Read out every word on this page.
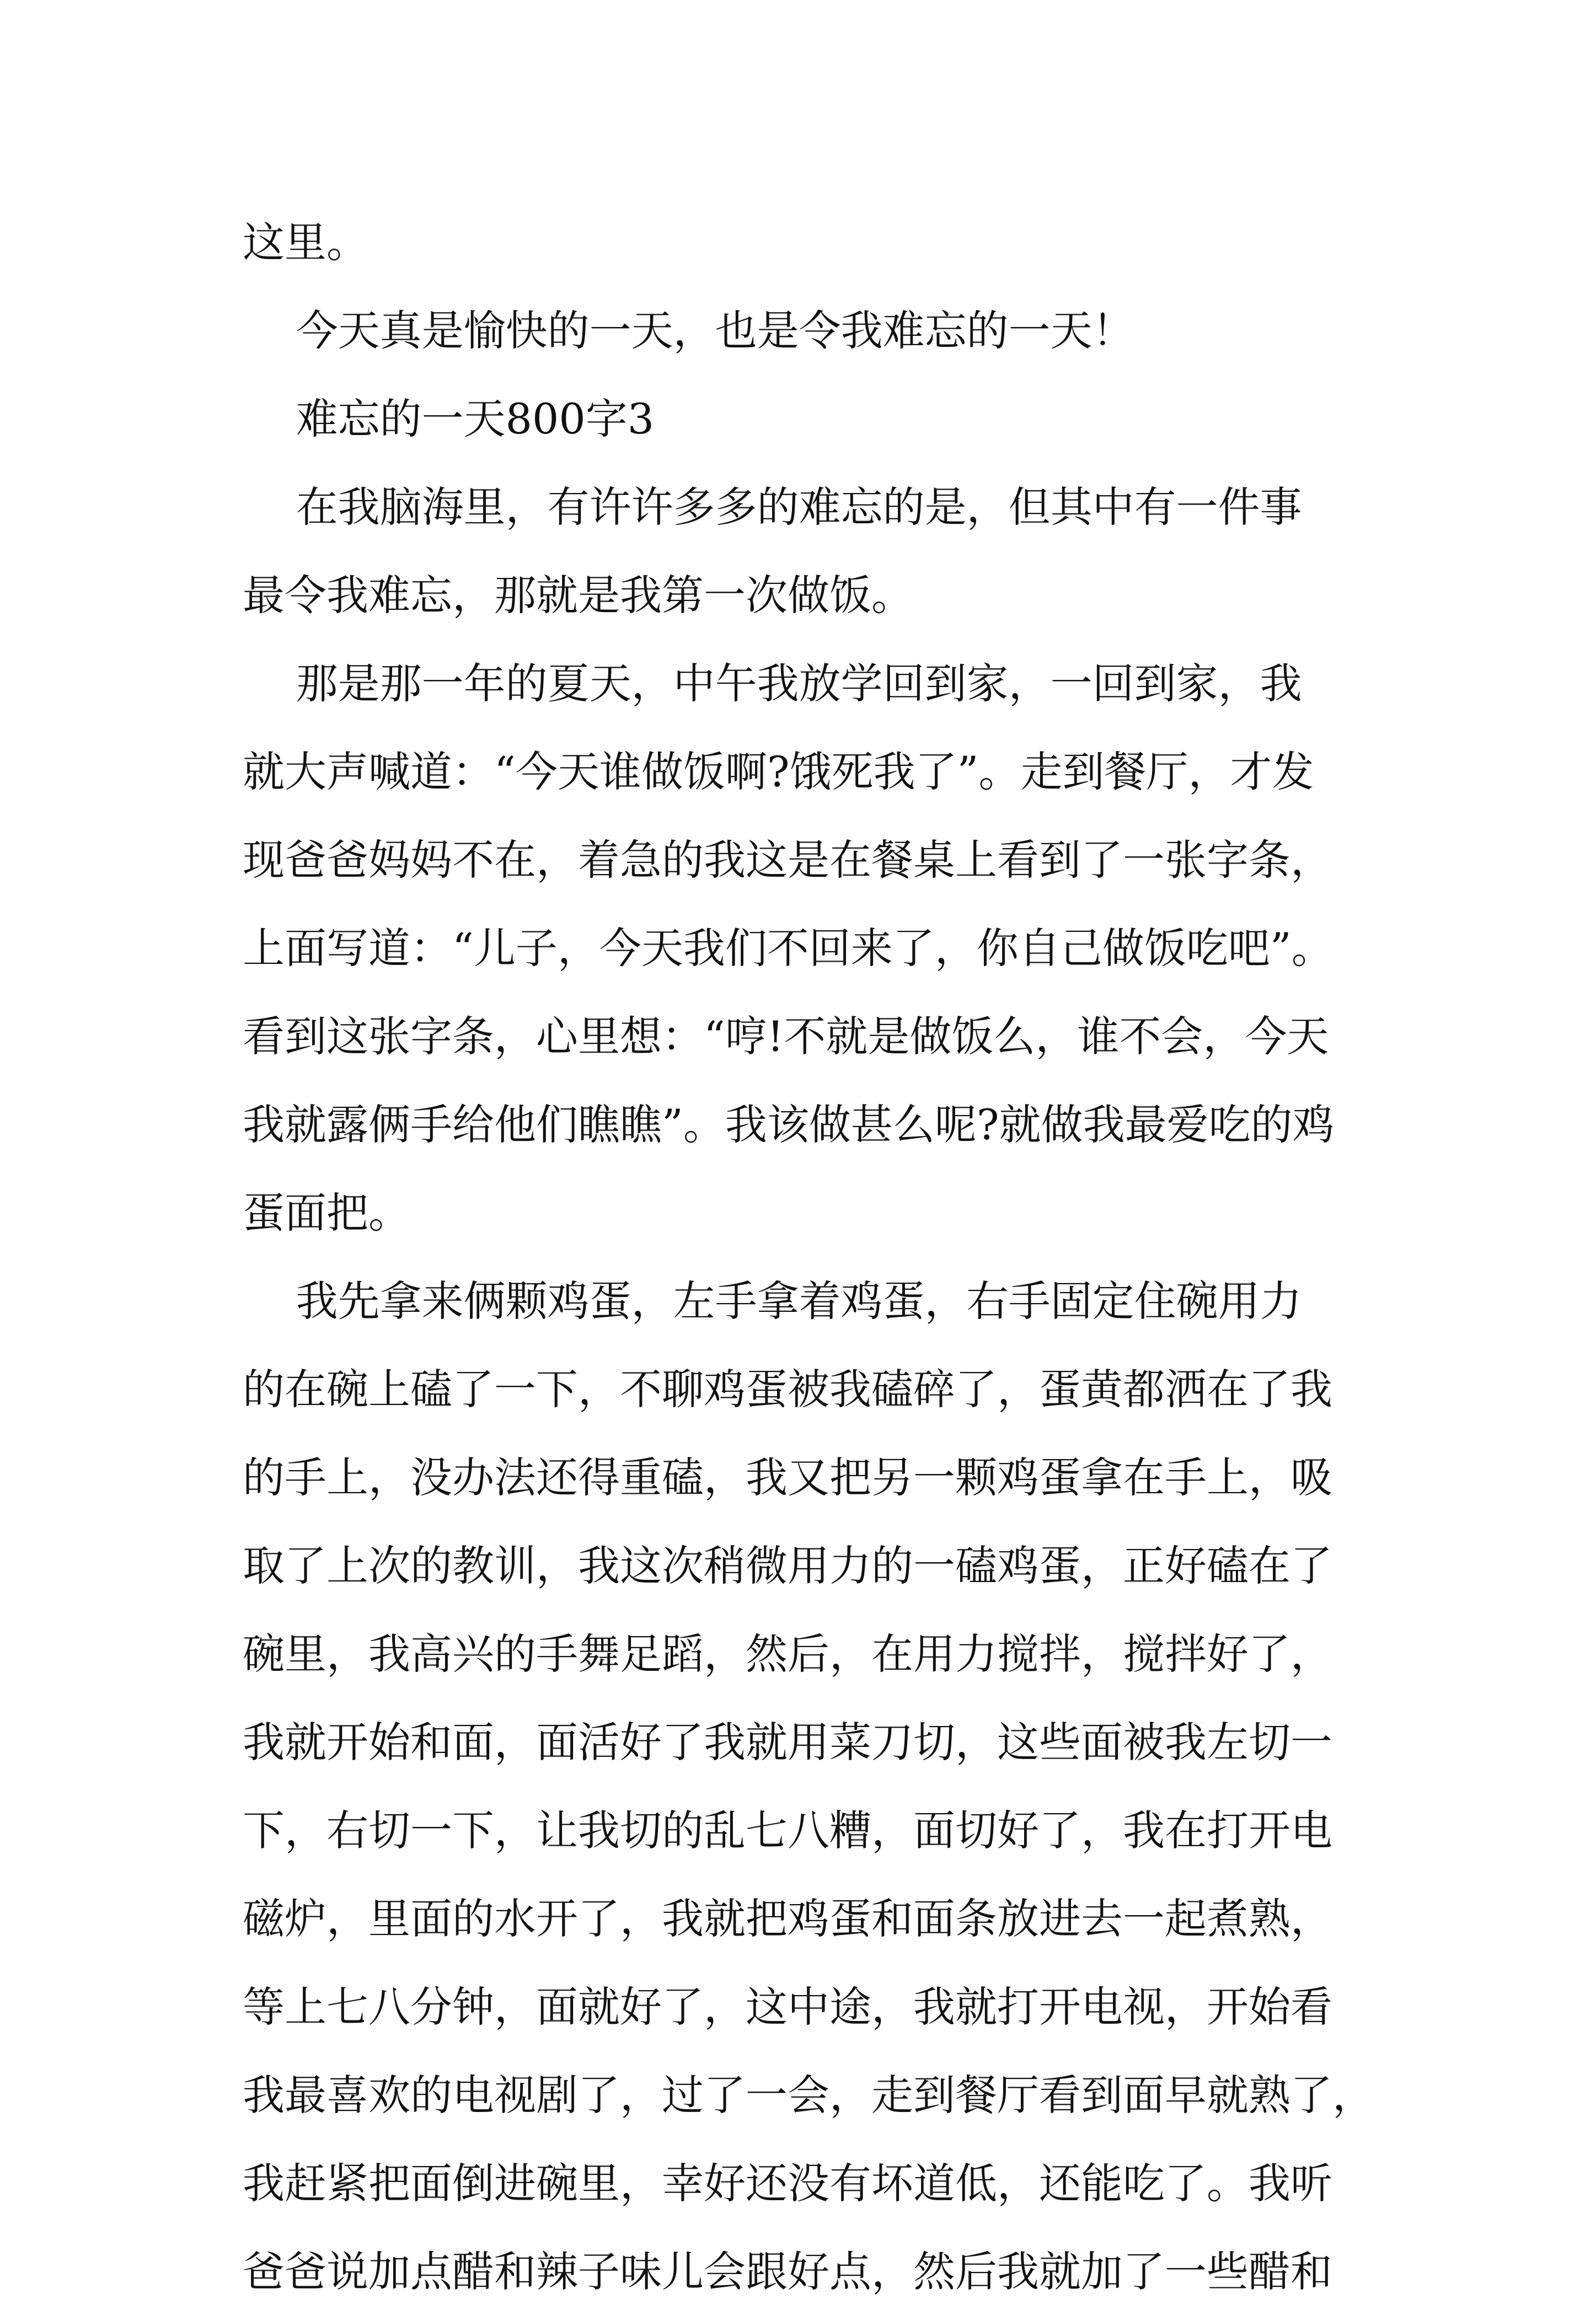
这里。
今天真是愉快的一天，也是令我难忘的一天！
难忘的一天800字3
在我脑海里，有许许多多的难忘的是，但其中有一件事
最令我难忘，那就是我第一次做饭。
那是那一年的夏天，中午我放学回到家，一回到家，我
就大声喊道：“今天谁做饭啊?饿死我了”。走到餐厅，才发
现爸爸妈妈不在，着急的我这是在餐桌上看到了一张字条，
上面写道：“儿子，今天我们不回来了，你自己做饭吃吧”。
看到这张字条，心里想：“哼!不就是做饭么，谁不会，今天
我就露俩手给他们瞧瞧”。我该做甚么呢?就做我最爱吃的鸡
蛋面把。
我先拿来俩颗鸡蛋，左手拿着鸡蛋，右手固定住碗用力
的在碗上磕了一下，不聊鸡蛋被我磕碎了，蛋黄都洒在了我
的手上，没办法还得重磕，我又把另一颗鸡蛋拿在手上，吸
取了上次的教训，我这次稍微用力的一磕鸡蛋，正好磕在了
碗里，我高兴的手舞足蹈，然后，在用力搅拌，搅拌好了，
我就开始和面，面活好了我就用菜刀切，这些面被我左切一
下，右切一下，让我切的乱七八糟，面切好了，我在打开电
磁炉，里面的水开了，我就把鸡蛋和面条放进去一起煮熟，
等上七八分钟，面就好了，这中途，我就打开电视，开始看
我最喜欢的电视剧了，过了一会，走到餐厅看到面早就熟了，
我赶紧把面倒进碗里，幸好还没有坏道低，还能吃了。我听
爸爸说加点醋和辣子味儿会跟好点，然后我就加了一些醋和
